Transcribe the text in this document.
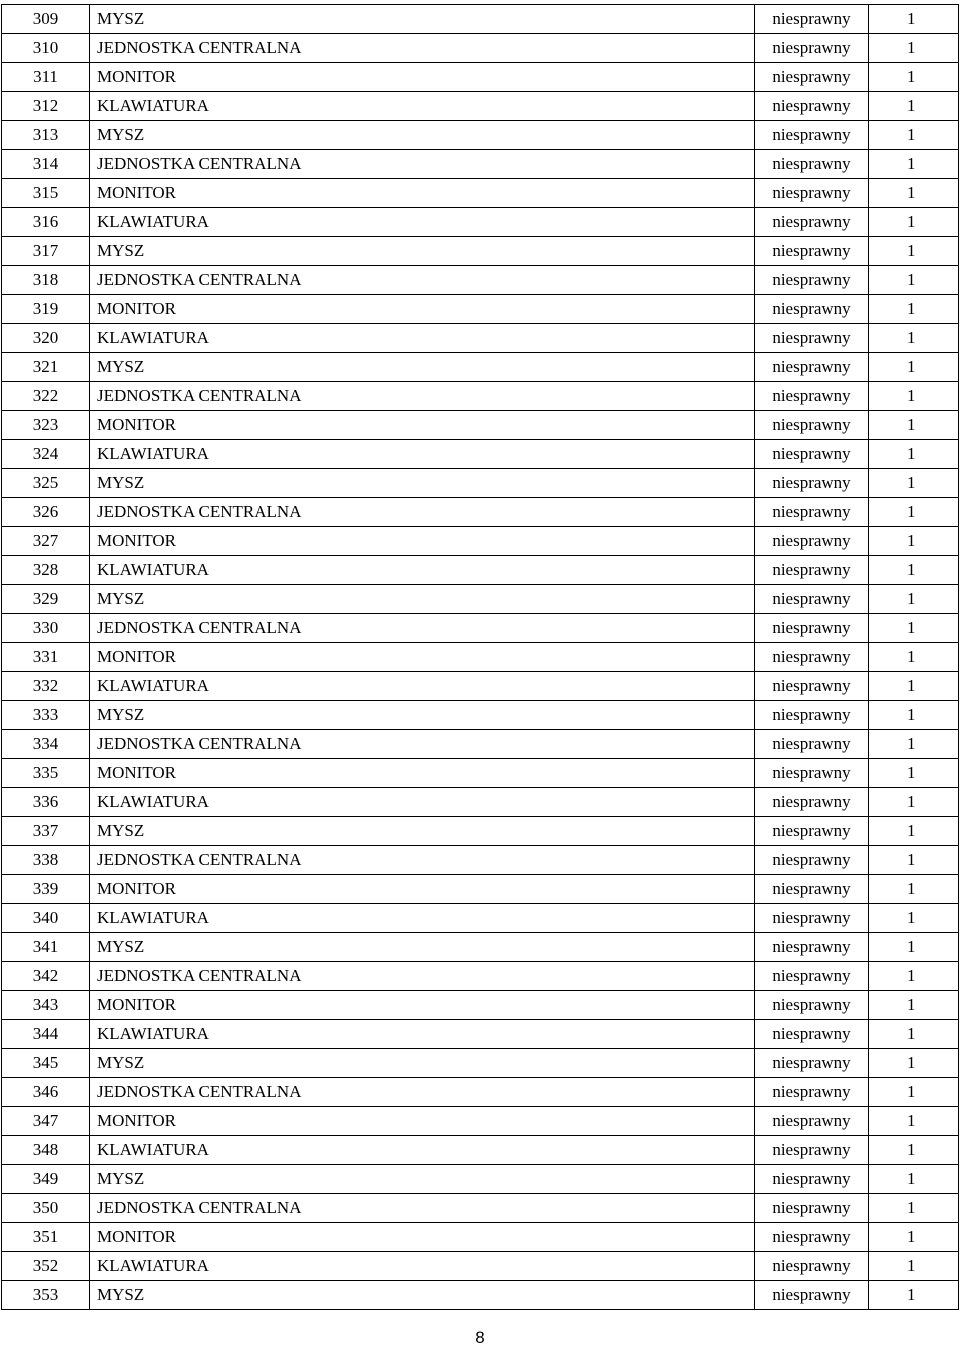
309	MYSZ	niesprawny	1
310	JEDNOSTKA CENTRALNA	niesprawny	1
311	MONITOR	niesprawny	1
312	KLAWIATURA	niesprawny	1
313	MYSZ	niesprawny	1
314	JEDNOSTKA CENTRALNA	niesprawny	1
315	MONITOR	niesprawny	1
316	KLAWIATURA	niesprawny	1
317	MYSZ	niesprawny	1
318	JEDNOSTKA CENTRALNA	niesprawny	1
319	MONITOR	niesprawny	1
320	KLAWIATURA	niesprawny	1
321	MYSZ	niesprawny	1
322	JEDNOSTKA CENTRALNA	niesprawny	1
323	MONITOR	niesprawny	1
324	KLAWIATURA	niesprawny	1
325	MYSZ	niesprawny	1
326	JEDNOSTKA CENTRALNA	niesprawny	1
327	MONITOR	niesprawny	1
328	KLAWIATURA	niesprawny	1
329	MYSZ	niesprawny	1
330	JEDNOSTKA CENTRALNA	niesprawny	1
331	MONITOR	niesprawny	1
332	KLAWIATURA	niesprawny	1
333	MYSZ	niesprawny	1
334	JEDNOSTKA CENTRALNA	niesprawny	1
335	MONITOR	niesprawny	1
336	KLAWIATURA	niesprawny	1
337	MYSZ	niesprawny	1
338	JEDNOSTKA CENTRALNA	niesprawny	1
339	MONITOR	niesprawny	1
340	KLAWIATURA	niesprawny	1
341	MYSZ	niesprawny	1
342	JEDNOSTKA CENTRALNA	niesprawny	1
343	MONITOR	niesprawny	1
344	KLAWIATURA	niesprawny	1
345	MYSZ	niesprawny	1
346	JEDNOSTKA CENTRALNA	niesprawny	1
347	MONITOR	niesprawny	1
348	KLAWIATURA	niesprawny	1
349	MYSZ	niesprawny	1
350	JEDNOSTKA CENTRALNA	niesprawny	1
351	MONITOR	niesprawny	1
352	KLAWIATURA	niesprawny	1
353	MYSZ	niesprawny	1
8
